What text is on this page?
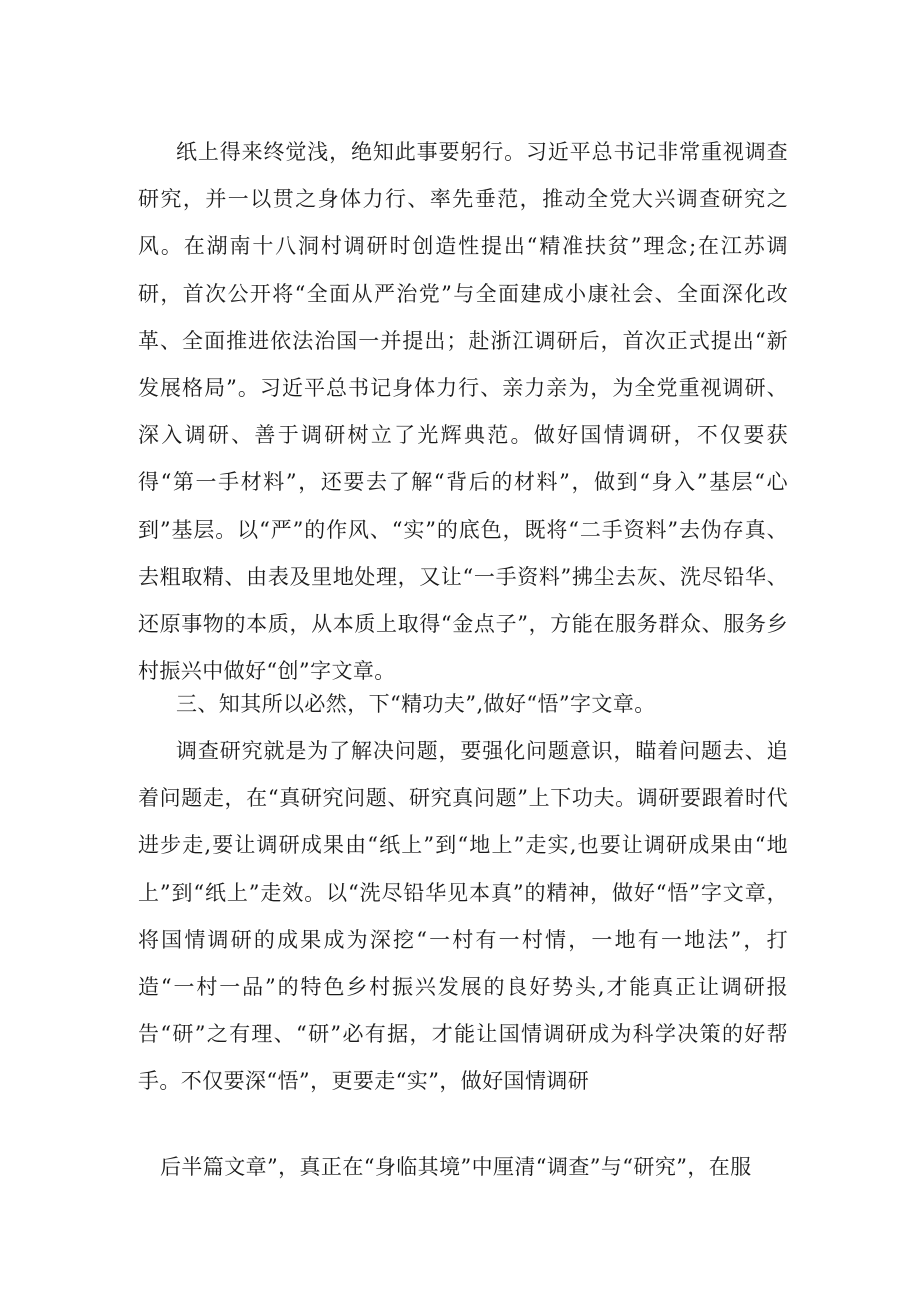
纸上得来终觉浅，绝知此事要躬行。习近平总书记非常重视调查研究，并一以贯之身体力行、率先垂范，推动全党大兴调查研究之风。在湖南十八洞村调研时创造性提出“精准扶贫”理念;在江苏调研，首次公开将“全面从严治党”与全面建成小康社会、全面深化改革、全面推进依法治国一并提出；赴浙江调研后，首次正式提出“新发展格局”。习近平总书记身体力行、亲力亲为，为全党重视调研、深入调研、善于调研树立了光辉典范。做好国情调研，不仅要获得“第一手材料”，还要去了解“背后的材料”，做到“身入”基层“心到”基层。以“严”的作风、“实”的底色，既将“二手资料”去伪存真、去粗取精、由表及里地处理，又让“一手资料”拂尘去灰、洗尽铅华、还原事物的本质，从本质上取得“金点子”，方能在服务群众、服务乡村振兴中做好“创”字文章。

三、知其所以必然，下“精功夫”,做好“悟”字文章。

调查研究就是为了解决问题，要强化问题意识，瞄着问题去、追着问题走，在“真研究问题、研究真问题”上下功夫。调研要跟着时代进步走,要让调研成果由“纸上”到“地上”走实,也要让调研成果由“地上”到“纸上”走效。以“洗尽铅华见本真”的精神，做好“悟”字文章，将国情调研的成果成为深挖“一村有一村情，一地有一地法”，打造“一村一品”的特色乡村振兴发展的良好势头,才能真正让调研报告“研”之有理、“研”必有据，才能让国情调研成为科学决策的好帮手。不仅要深“悟”，更要走“实”，做好国情调研

后半篇文章”，真正在“身临其境”中厘清“调查”与“研究”，在服
